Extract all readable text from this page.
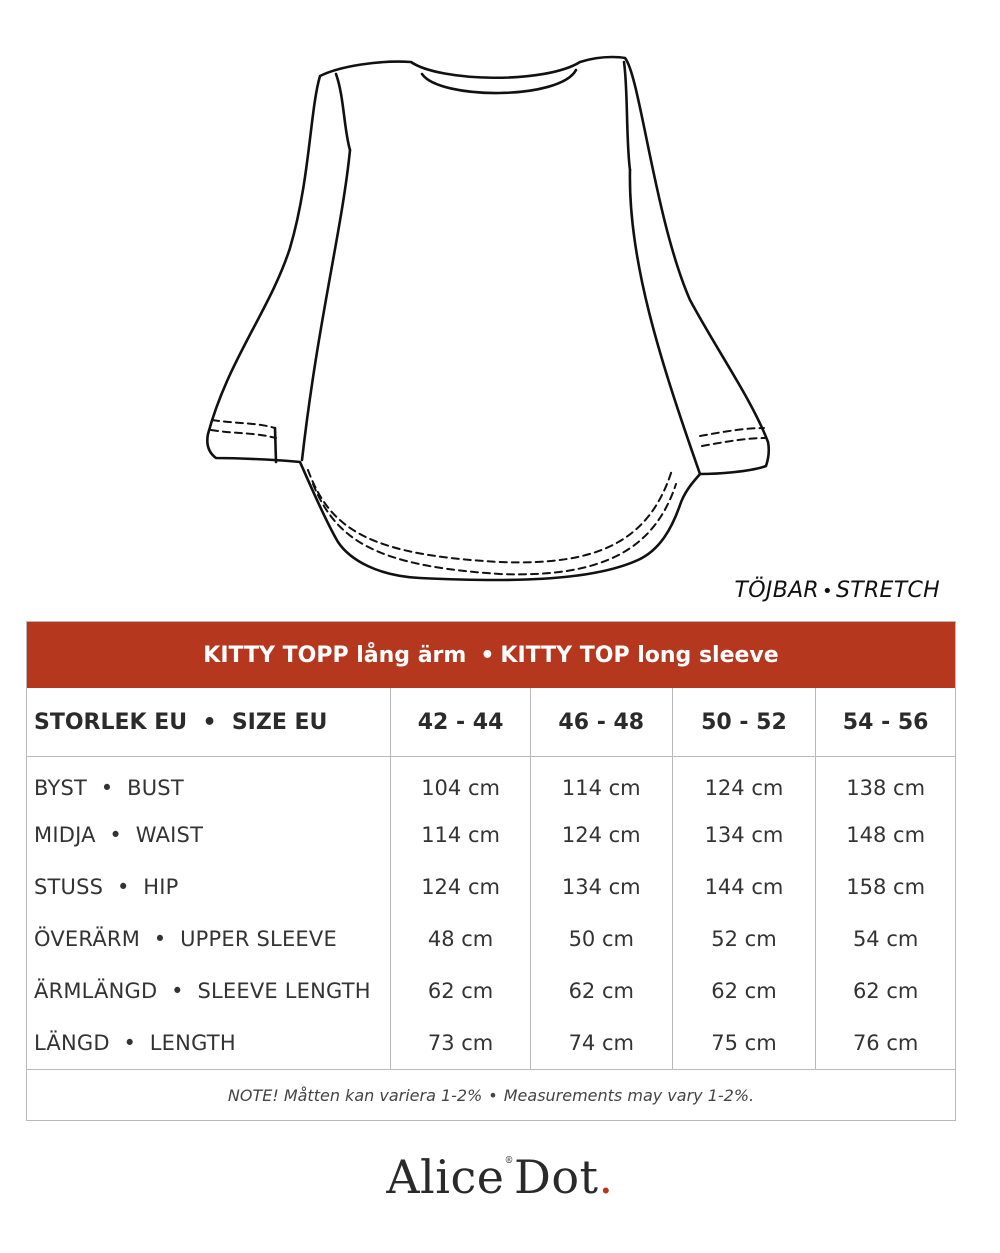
TÖJBAR • STRETCH
KITTY TOPP lång ärm • KITTY TOP long sleeve
STORLEK EU  •  SIZE EU	42 - 44	46 - 48	50 - 52	54 - 56
BYST  •  BUST	104 cm	114 cm	124 cm	138 cm
MIDJA  •  WAIST	114 cm	124 cm	134 cm	148 cm
STUSS  •  HIP	124 cm	134 cm	144 cm	158 cm
ÖVERÄRM  •  UPPER SLEEVE	48 cm	50 cm	52 cm	54 cm
ÄRMLÄNGD  •  SLEEVE LENGTH	62 cm	62 cm	62 cm	62 cm
LÄNGD  •  LENGTH	73 cm	74 cm	75 cm	76 cm
NOTE! Måtten kan variera 1-2% • Measurements may vary 1-2%.
Alice®Dot.
